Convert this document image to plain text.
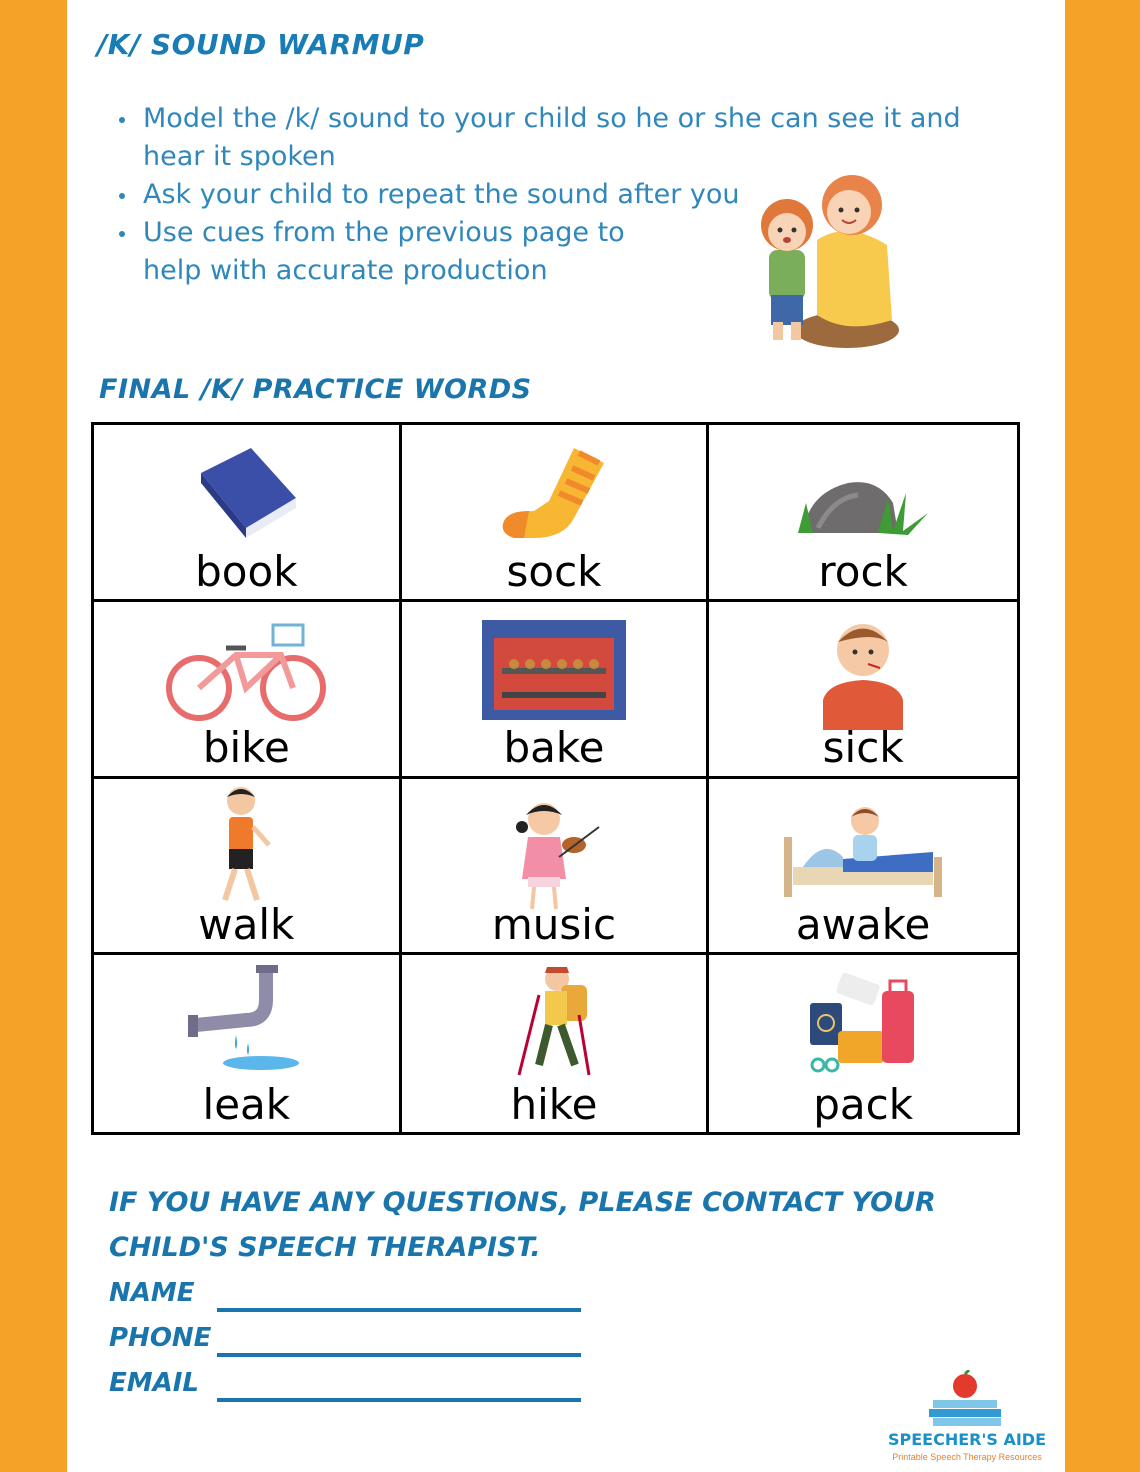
/K/ SOUND WARMUP
Model the /k/ sound to your child so he or she can see it and hear it spoken
Ask your child to repeat the sound after you
Use cues from the previous page to help with accurate production
FINAL /K/ PRACTICE WORDS
book	sock	rock
bike	bake	sick
walk	music	awake
leak	hike	pack

IF YOU HAVE ANY QUESTIONS, PLEASE CONTACT YOUR CHILD'S SPEECH THERAPIST.

NAME
PHONE
EMAIL
SPEECHER'S AIDE
Printable Speech Therapy Resources
